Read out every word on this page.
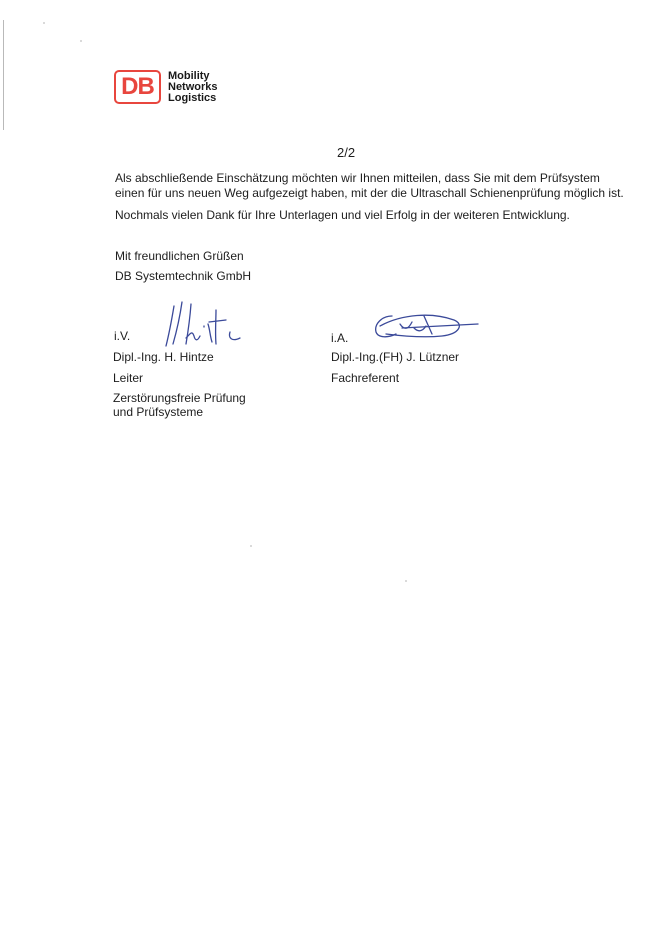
DB Mobility
Networks
Logistics
2/2
Als abschließende Einschätzung möchten wir Ihnen mitteilen, dass Sie mit dem Prüfsystem
einen für uns neuen Weg aufgezeigt haben, mit der die Ultraschall Schienenprüfung möglich ist.
Nochmals vielen Dank für Ihre Unterlagen und viel Erfolg in der weiteren Entwicklung.
Mit freundlichen Grüßen
DB Systemtechnik GmbH
i.V.
Dipl.-Ing. H. Hintze
Leiter
Zerstörungsfreie Prüfung
und Prüfsysteme
i.A.
Dipl.-Ing.(FH) J. Lützner
Fachreferent
